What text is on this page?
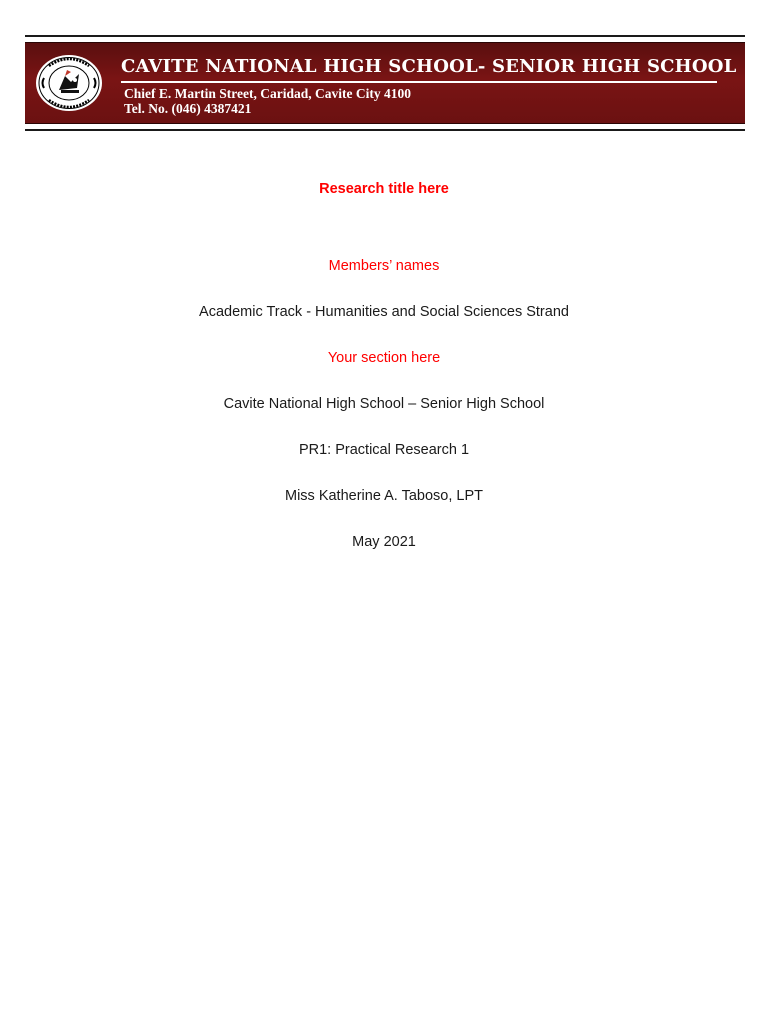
CAVITE NATIONAL HIGH SCHOOL- SENIOR HIGH SCHOOL
Chief E. Martin Street, Caridad, Cavite City 4100
Tel. No. (046) 4387421
Research title here
Members’ names
Academic Track - Humanities and Social Sciences Strand
Your section here
Cavite National High School – Senior High School
PR1: Practical Research 1
Miss Katherine A. Taboso, LPT
May 2021
